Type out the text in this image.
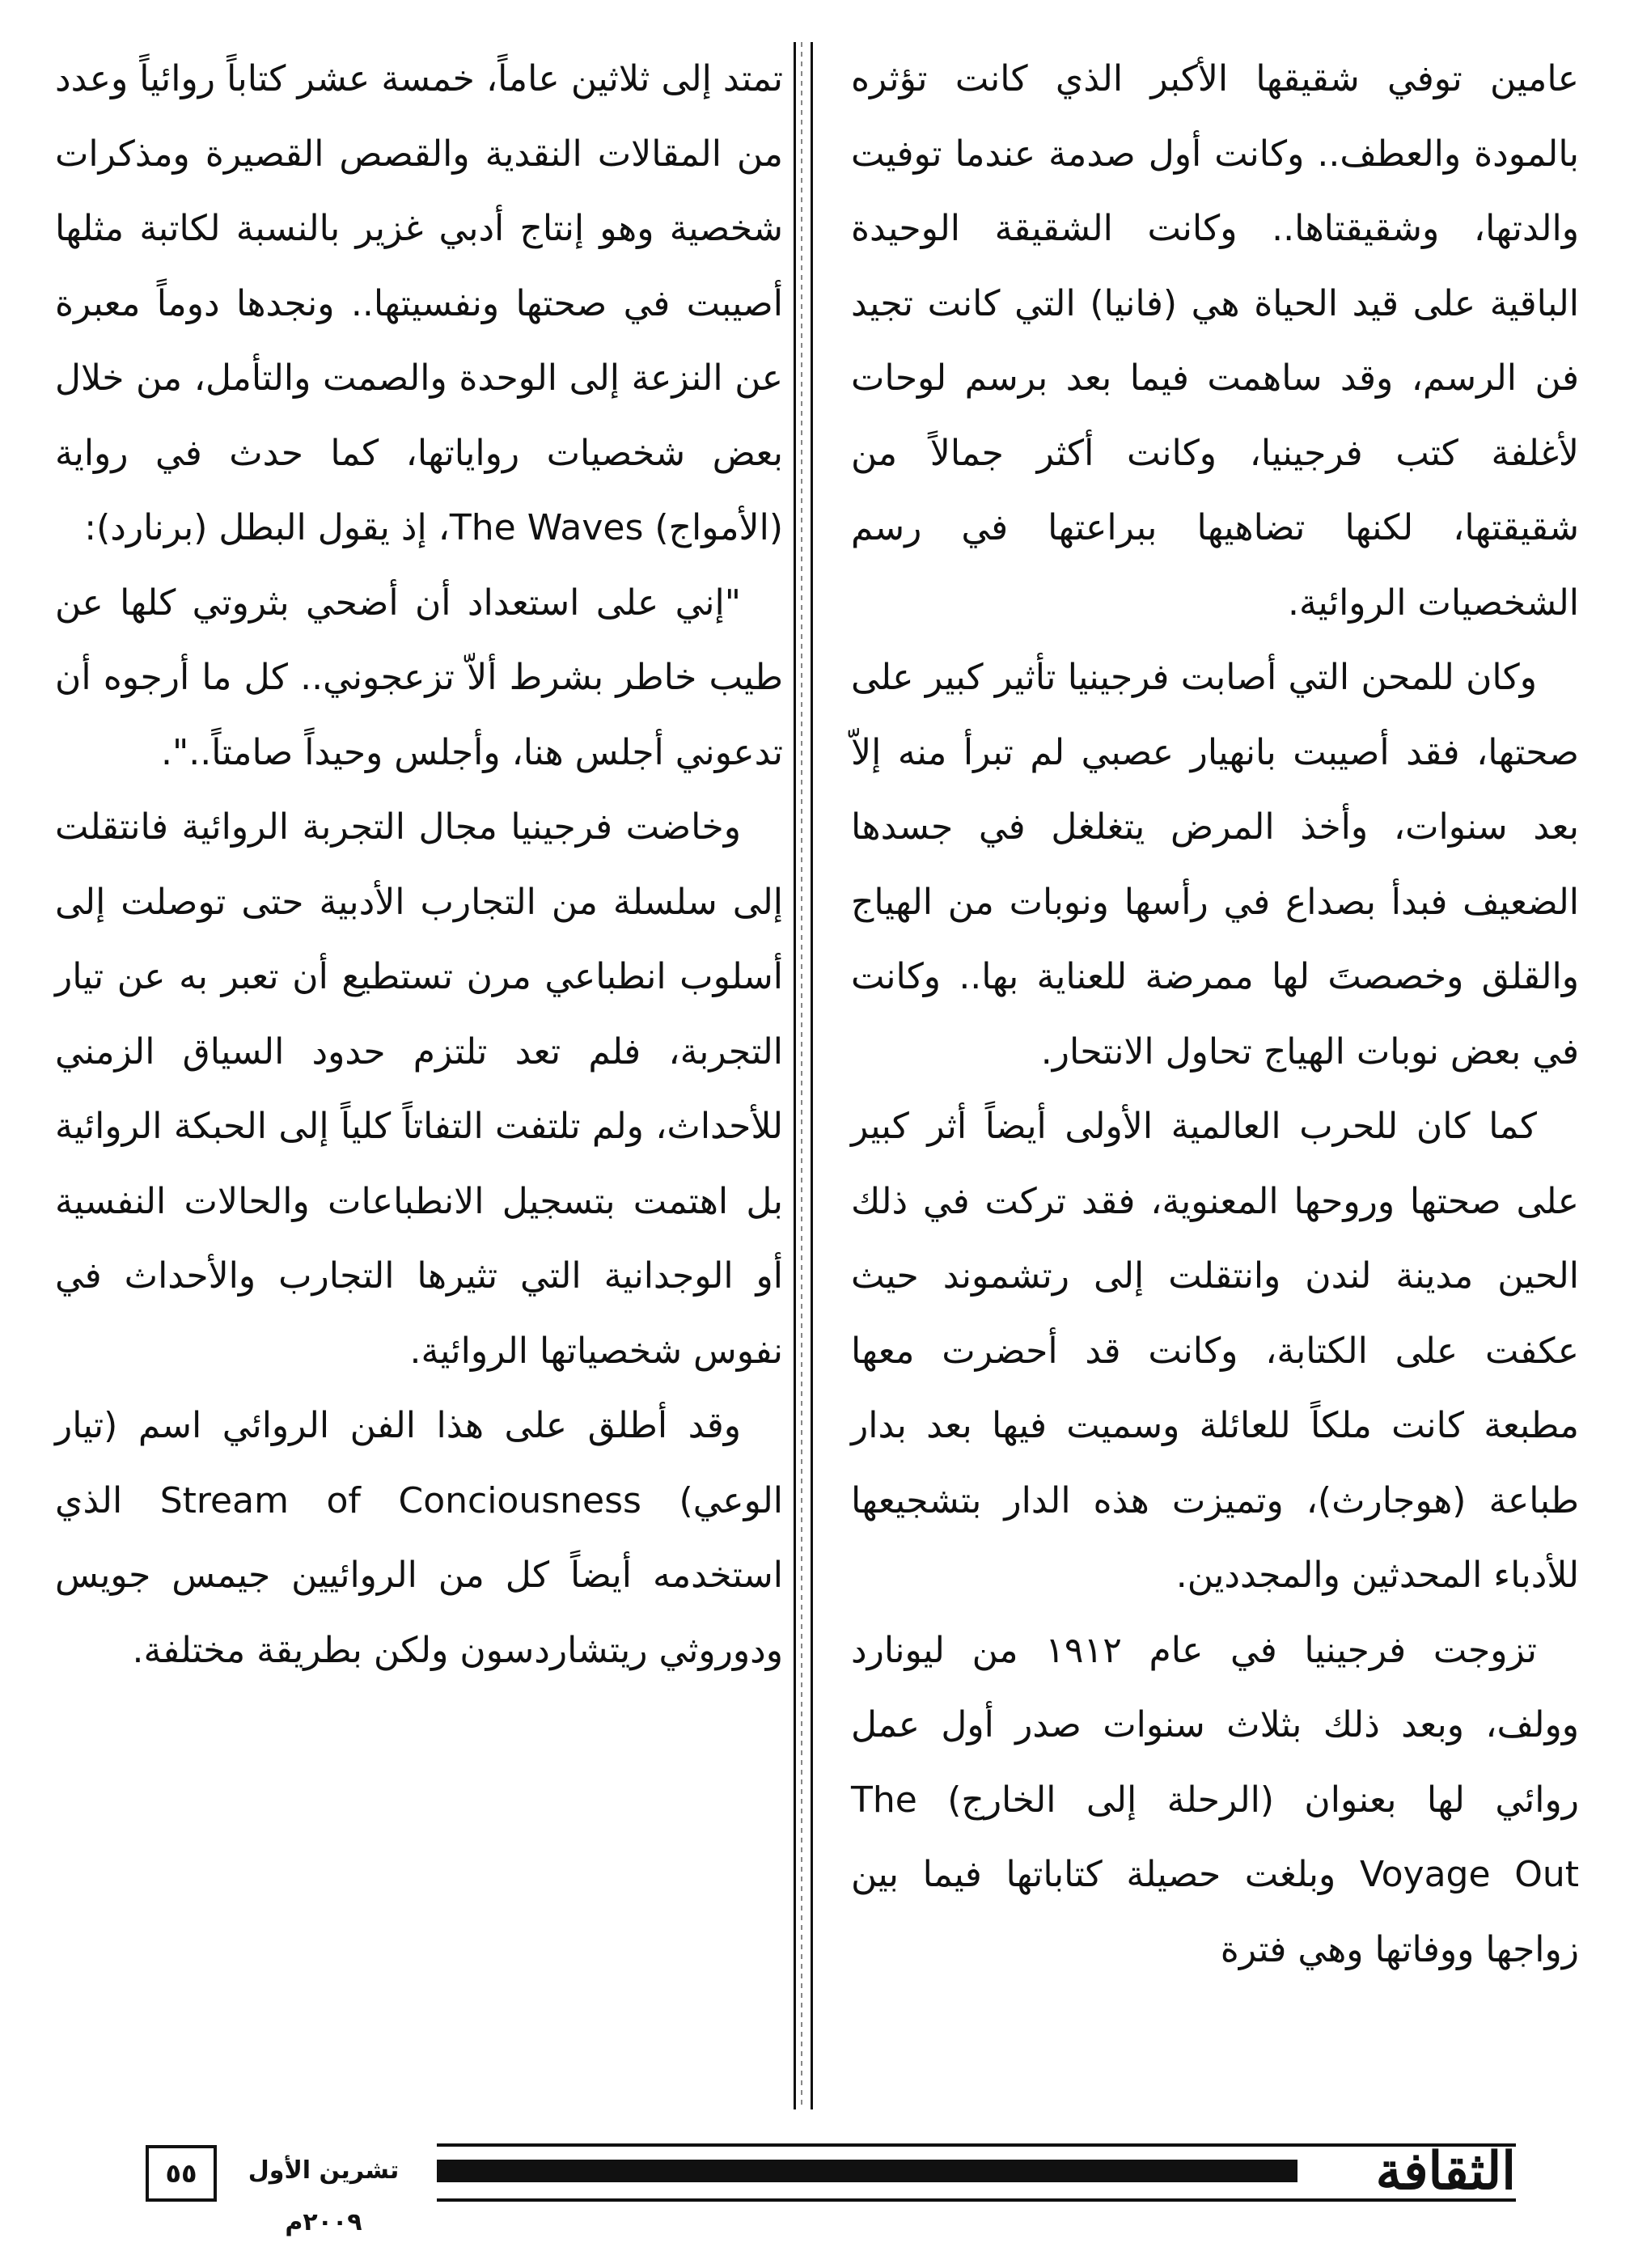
عامين توفي شقيقها الأكبر الذي كانت تؤثره بالمودة والعطف.. وكانت أول صدمة عندما توفيت والدتها، وشقيقتاها.. وكانت الشقيقة الوحيدة الباقية على قيد الحياة هي (فانيا) التي كانت تجيد فن الرسم، وقد ساهمت فيما بعد برسم لوحات لأغلفة كتب فرجينيا، وكانت أكثر جمالاً من شقيقتها، لكنها تضاهيها ببراعتها في رسم الشخصيات الروائية.

وكان للمحن التي أصابت فرجينيا تأثير كبير على صحتها، فقد أصيبت بانهيار عصبي لم تبرأ منه إلاّ بعد سنوات، وأخذ المرض يتغلغل في جسدها الضعيف فبدأ بصداع في رأسها ونوبات من الهياج والقلق وخصصتَ لها ممرضة للعناية بها.. وكانت في بعض نوبات الهياج تحاول الانتحار.

كما كان للحرب العالمية الأولى أيضاً أثر كبير على صحتها وروحها المعنوية، فقد تركت في ذلك الحين مدينة لندن وانتقلت إلى رتشموند حيث عكفت على الكتابة، وكانت قد أحضرت معها مطبعة كانت ملكاً للعائلة وسميت فيها بعد بدار طباعة (هوجارث)، وتميزت هذه الدار بتشجيعها للأدباء المحدثين والمجددين.

تزوجت فرجينيا في عام ١٩١٢ من ليونارد وولف، وبعد ذلك بثلاث سنوات صدر أول عمل روائي لها بعنوان (الرحلة إلى الخارج) The Voyage Out وبلغت حصيلة كتاباتها فيما بين زواجها ووفاتها وهي فترة

تمتد إلى ثلاثين عاماً، خمسة عشر كتاباً روائياً وعدد من المقالات النقدية والقصص القصيرة ومذكرات شخصية وهو إنتاج أدبي غزير بالنسبة لكاتبة مثلها أصيبت في صحتها ونفسيتها.. ونجدها دوماً معبرة عن النزعة إلى الوحدة والصمت والتأمل، من خلال بعض شخصيات رواياتها، كما حدث في رواية (الأمواج) The Waves، إذ يقول البطل (برنارد):

"إني على استعداد أن أضحي بثروتي كلها عن طيب خاطر بشرط ألاّ تزعجوني.. كل ما أرجوه أن تدعوني أجلس هنا، وأجلس وحيداً صامتاً..".

وخاضت فرجينيا مجال التجربة الروائية فانتقلت إلى سلسلة من التجارب الأدبية حتى توصلت إلى أسلوب انطباعي مرن تستطيع أن تعبر به عن تيار التجربة، فلم تعد تلتزم حدود السياق الزمني للأحداث، ولم تلتفت التفاتاً كلياً إلى الحبكة الروائية بل اهتمت بتسجيل الانطباعات والحالات النفسية أو الوجدانية التي تثيرها التجارب والأحداث في نفوس شخصياتها الروائية.

وقد أطلق على هذا الفن الروائي اسم (تيار الوعي) Stream of Conciousness الذي استخدمه أيضاً كل من الروائيين جيمس جويس ودوروثي ريتشاردسون ولكن بطريقة مختلفة.

الثقافة
تشرين الأول ٢٠٠٩م
٥٥
